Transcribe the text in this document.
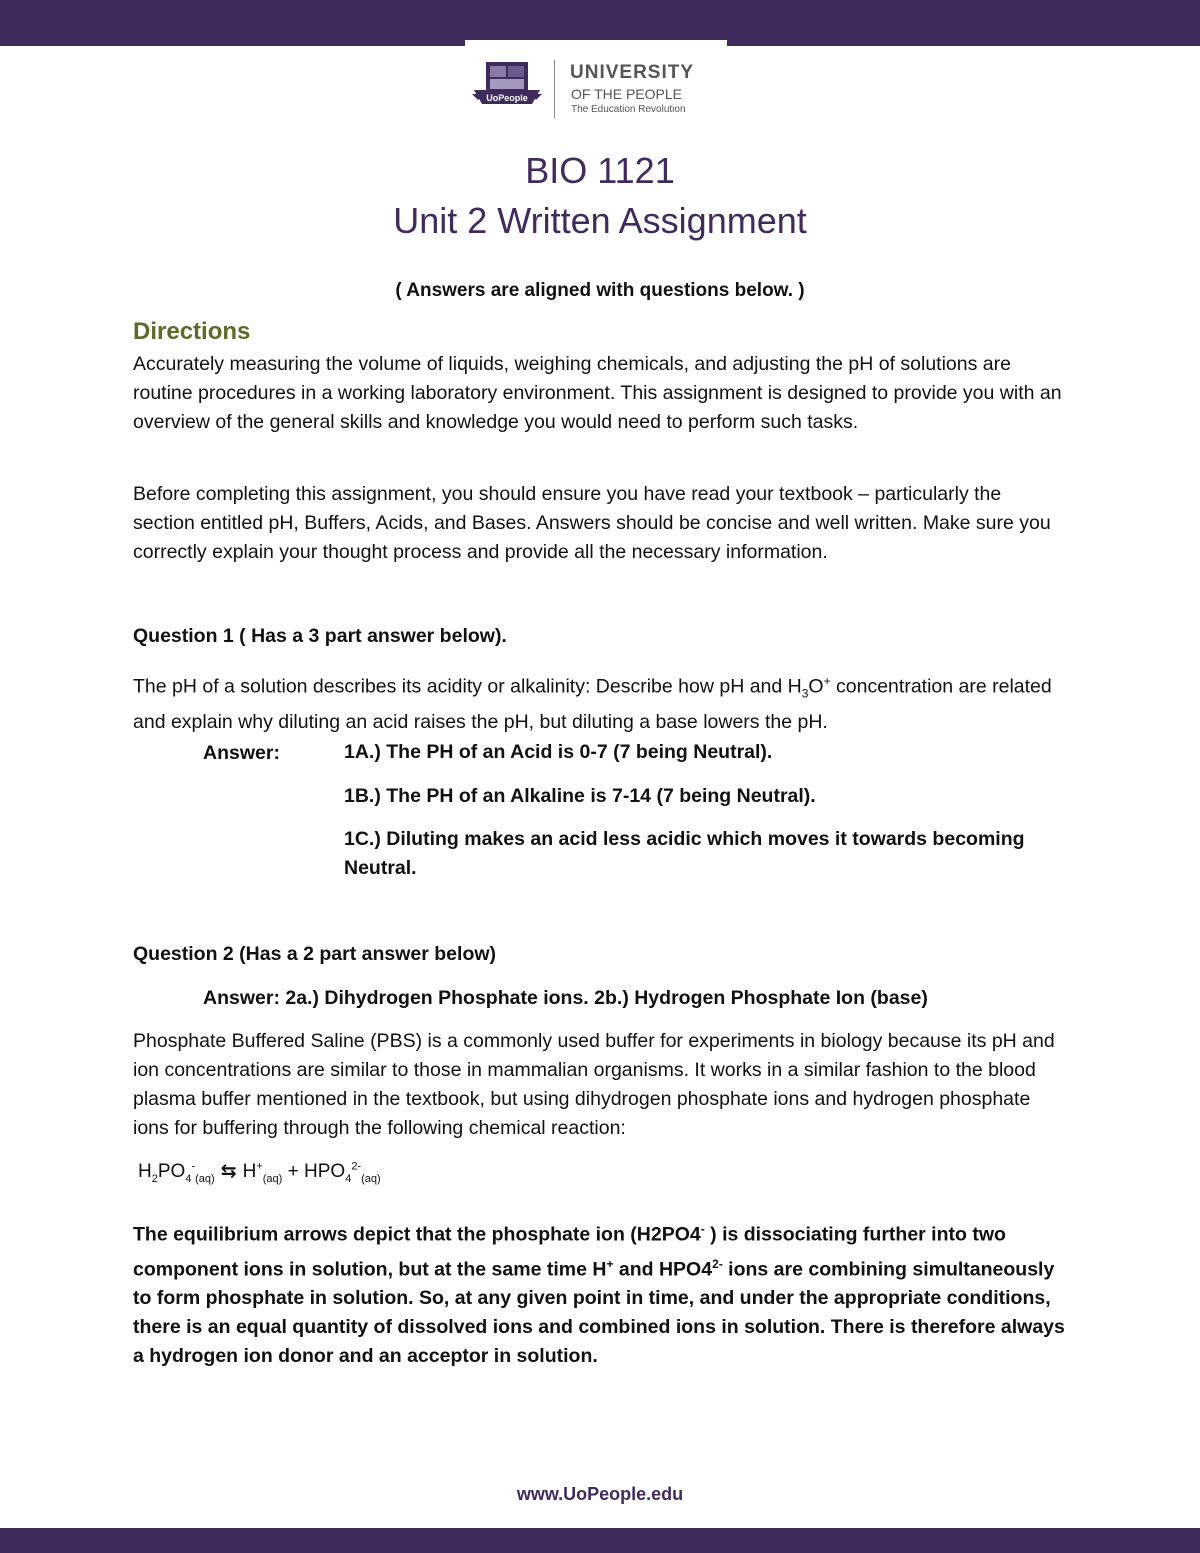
UoPeople
UNIVERSITY
OF THE PEOPLE
The Education Revolution
BIO 1121
Unit 2 Written Assignment
( Answers are aligned with questions below. )
Directions

Accurately measuring the volume of liquids, weighing chemicals, and adjusting the pH of solutions are routine procedures in a working laboratory environment. This assignment is designed to provide you with an overview of the general skills and knowledge you would need to perform such tasks.

Before completing this assignment, you should ensure you have read your textbook – particularly the section entitled pH, Buffers, Acids, and Bases. Answers should be concise and well written. Make sure you correctly explain your thought process and provide all the necessary information.

Question 1 ( Has a 3 part answer below).

The pH of a solution describes its acidity or alkalinity: Describe how pH and $H_3O^+$ concentration are related and explain why diluting an acid raises the pH, but diluting a base lowers the pH.

Answer:	1A.) The PH of an Acid is 0-7 (7 being Neutral).
1B.) The PH of an Alkaline is 7-14 (7 being Neutral).
1C.) Diluting makes an acid less acidic which moves it towards becoming Neutral.
Question 2 (Has a 2 part answer below)
Answer: 2a.) Dihydrogen Phosphate ions. 2b.) Hydrogen Phosphate Ion (base)

Phosphate Buffered Saline (PBS) is a commonly used buffer for experiments in biology because its pH and ion concentrations are similar to those in mammalian organisms. It works in a similar fashion to the blood plasma buffer mentioned in the textbook, but using dihydrogen phosphate ions and hydrogen phosphate ions for buffering through the following chemical reaction:

$H_2PO_4^-_{(aq)}$ ⇆ $H^+_{(aq)} + HPO_4^{2-}_{(aq)}$

The equilibrium arrows depict that the phosphate ion (H2PO4- ) is dissociating further into two component ions in solution, but at the same time H+ and $HPO4^{2-}$ ions are combining simultaneously to form phosphate in solution. So, at any given point in time, and under the appropriate conditions, there is an equal quantity of dissolved ions and combined ions in solution. There is therefore always a hydrogen ion donor and an acceptor in solution.

www.UoPeople.edu
